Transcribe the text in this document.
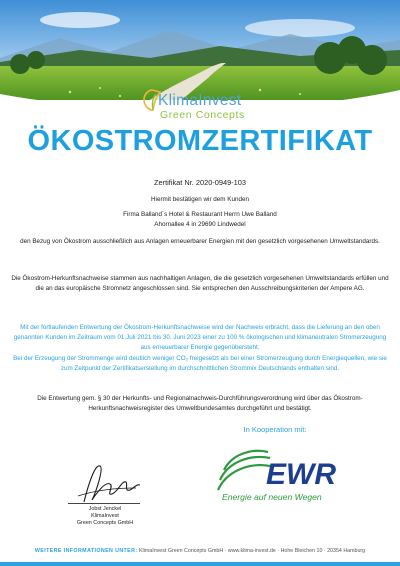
KlimaInvest
Green Concepts
ÖKOSTROMZERTIFIKAT
Zertifikat Nr. 2020-0949-103
Hiermit bestätigen wir dem Kunden
Firma Balland´s Hotel & Restaurant Herrn Uwe Balland
Ahornallee 4 in 29690 Lindwedel
den Bezug von Ökostrom ausschließlich aus Anlagen erneuerbarer Energien mit den gesetzlich vorgesehenen Umweltstandards.
Die Ökostrom-Herkunftsnachweise stammen aus nachhaltigen Anlagen, die die gesetzlich vorgesehenen Umweltstandards erfüllen und die an das europäische Stromnetz angeschlossen sind. Sie entsprechen den Ausschreibungskriterien der Ampere AG.
Mit der fortlaufenden Entwertung der Ökostrom-Herkunftsnachweise wird der Nachweis erbracht, dass die Lieferung an den oben genannten Kunden im Zeitraum vom 01.Juli 2021 bis 30. Juni 2023 einer zu 100 % ökologischen und klimaneutralen Stromerzeugung aus erneuerbarer Energie gegenübersteht.
Bei der Erzeugung der Strommenge wird deutlich weniger CO₂ freigesetzt als bei einer Stromerzeugung durch Energiequellen, wie sie zum Zeitpunkt der Zertifikatserstellung im durchschnittlichen Strommix Deutschlands enthalten sind.
Die Entwertung gem. § 30 der Herkunfts- und Regionalnachweis-Durchführungsverordnung wird über das Ökostrom-Herkunftsnachweisregister des Umweltbundesamtes durchgeführt und bestätigt.
In Kooperation mit:
EWR
Energie auf neuen Wegen
Jobst Jenckel
KlimaInvest
Green Concepts GmbH
WEITERE INFORMATIONEN UNTER: KlimaInvest Green Concepts GmbH · www.klima-invest.de · Hohe Bleichen 10 · 20354 Hamburg
